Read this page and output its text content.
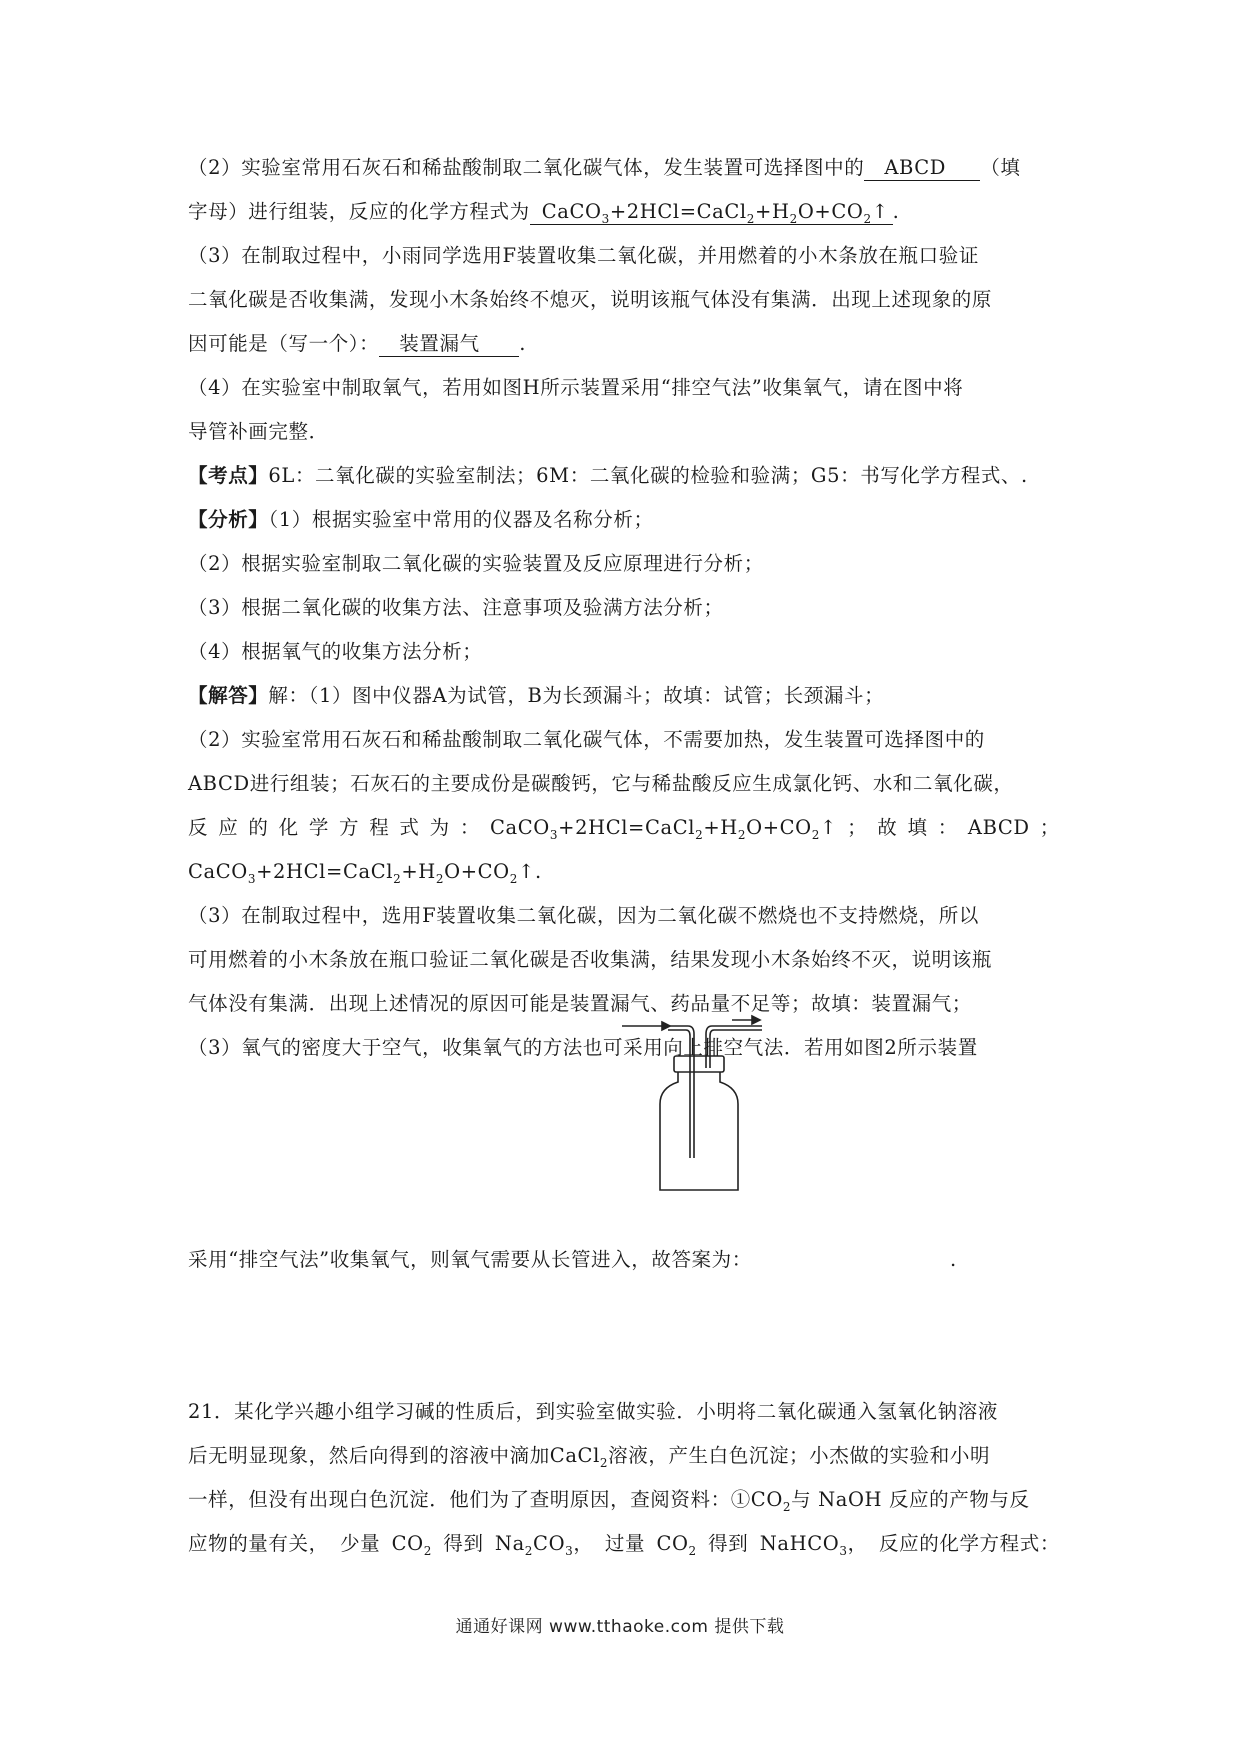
（2）实验室常用石灰石和稀盐酸制取二氧化碳气体，发生装置可选择图中的 ABCD （填
字母）进行组装，反应的化学方程式为 $CaCO_3+2HCl=CaCl_2+H_2O+CO_2↑$ .
（3）在制取过程中，小雨同学选用F装置收集二氧化碳，并用燃着的小木条放在瓶口验证
二氧化碳是否收集满，发现小木条始终不熄灭，说明该瓶气体没有集满．出现上述现象的原
因可能是（写一个）： 装置漏气 .
（4）在实验室中制取氧气，若用如图H所示装置采用“排空气法”收集氧气，请在图中将
导管补画完整．
【考点】6L：二氧化碳的实验室制法；6M：二氧化碳的检验和验满；G5：书写化学方程式、.
【分析】（1）根据实验室中常用的仪器及名称分析；
（2）根据实验室制取二氧化碳的实验装置及反应原理进行分析；
（3）根据二氧化碳的收集方法、注意事项及验满方法分析；
（4）根据氧气的收集方法分析；
【解答】解：（1）图中仪器A为试管，B为长颈漏斗；故填：试管；长颈漏斗；
（2）实验室常用石灰石和稀盐酸制取二氧化碳气体，不需要加热，发生装置可选择图中的
ABCD进行组装；石灰石的主要成份是碳酸钙，它与稀盐酸反应生成氯化钙、水和二氧化碳，
反 应 的 化 学 方 程 式 为 ： $CaCO_3+2HCl=CaCl_2+H_2O+CO_2↑$ ； 故 填 ： ABCD ；
$CaCO_3+2HCl=CaCl_2+H_2O+CO_2↑$.
（3）在制取过程中，选用F装置收集二氧化碳，因为二氧化碳不燃烧也不支持燃烧，所以
可用燃着的小木条放在瓶口验证二氧化碳是否收集满，结果发现小木条始终不灭，说明该瓶
气体没有集满．出现上述情况的原因可能是装置漏气、药品量不足等；故填：装置漏气；
（3）氧气的密度大于空气，收集氧气的方法也可采用向上排空气法．若用如图2所示装置
采用“排空气法”收集氧气，则氧气需要从长管进入，故答案为：	.
21．某化学兴趣小组学习碱的性质后，到实验室做实验．小明将二氧化碳通入氢氧化钠溶液
后无明显现象，然后向得到的溶液中滴加CaCl$_2$溶液，产生白色沉淀；小杰做的实验和小明
一样，但没有出现白色沉淀．他们为了查明原因，查阅资料：$①CO_2$与 NaOH 反应的产物与反
应物的量有关， 少量 $CO_2$ 得到 $Na_2CO_3$， 过量 $CO_2$ 得到 NaHCO$_3$， 反应的化学方程式：
通通好课网 www.tthaoke.com 提供下载
